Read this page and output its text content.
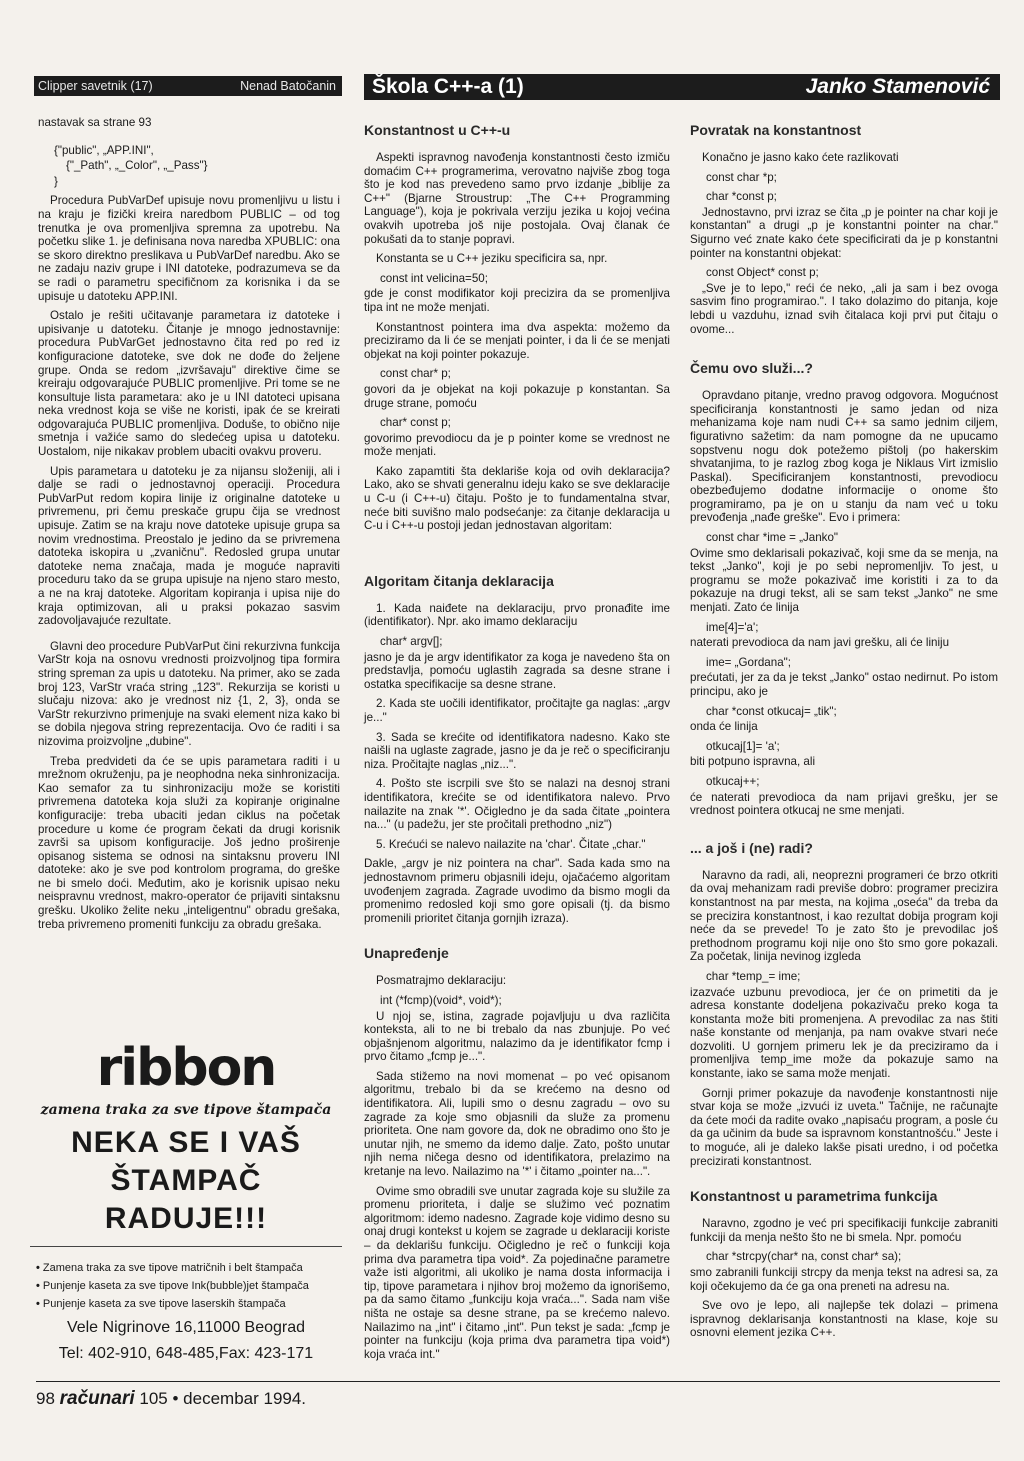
Clipper savetnik (17)	Nenad Batočanin Škola C++-a (1)	Janko Stamenović

nastavak sa strane 93

{"public", „APP.INI",

{"_Path", „_Color", „_Pass"}

}

Procedura PubVarDef upisuje novu promenljivu u listu i na kraju je fizički kreira naredbom PUBLIC – od tog trenutka je ova promenljiva spremna za upotrebu. Na početku slike 1. je definisana nova naredba XPUBLIC: ona se skoro direktno preslikava u PubVarDef naredbu. Ako se ne zadaju naziv grupe i INI datoteke, podrazumeva se da se radi o parametru specifičnom za korisnika i da se upisuje u datoteku APP.INI.

Ostalo je rešiti učitavanje parametara iz datoteke i upisivanje u datoteku. Čitanje je mnogo jednostavnije: procedura PubVarGet jednostavno čita red po red iz konfiguracione datoteke, sve dok ne dođe do željene grupe. Onda se redom „izvršavaju" direktive čime se kreiraju odgovarajuće PUBLIC promenljive. Pri tome se ne konsultuje lista parametara: ako je u INI datoteci upisana neka vrednost koja se više ne koristi, ipak će se kreirati odgovarajuća PUBLIC promenljiva. Doduše, to obično nije smetnja i važiće samo do sledećeg upisa u datoteku. Uostalom, nije nikakav problem ubaciti ovakvu proveru.

Upis parametara u datoteku je za nijansu složeniji, ali i dalje se radi o jednostavnoj operaciji. Procedura PubVarPut redom kopira linije iz originalne datoteke u privremenu, pri čemu preskače grupu čija se vrednost upisuje. Zatim se na kraju nove datoteke upisuje grupa sa novim vrednostima. Preostalo je jedino da se privremena datoteka iskopira u „zvaničnu". Redosled grupa unutar datoteke nema značaja, mada je moguće napraviti proceduru tako da se grupa upisuje na njeno staro mesto, a ne na kraj datoteke. Algoritam kopiranja i upisa nije do kraja optimizovan, ali u praksi pokazao sasvim zadovoljavajuće rezultate.

Glavni deo procedure PubVarPut čini rekurzivna funkcija VarStr koja na osnovu vrednosti proizvoljnog tipa formira string spreman za upis u datoteku. Na primer, ako se zada broj 123, VarStr vraća string „123". Rekurzija se koristi u slučaju nizova: ako je vrednost niz {1, 2, 3}, onda se VarStr rekurzivno primenjuje na svaki element niza kako bi se dobila njegova string reprezentacija. Ovo će raditi i sa nizovima proizvoljne „dubine".

Treba predvideti da će se upis parametara raditi i u mrežnom okruženju, pa je neophodna neka sinhronizacija. Kao semafor za tu sinhronizaciju može se koristiti privremena datoteka koja služi za kopiranje originalne konfiguracije: treba ubaciti jedan ciklus na početak procedure u kome će program čekati da drugi korisnik završi sa upisom konfiguracije. Još jedno proširenje opisanog sistema se odnosi na sintaksnu proveru INI datoteke: ako je sve pod kontrolom programa, do greške ne bi smelo doći. Međutim, ako je korisnik upisao neku neispravnu vrednost, makro-operator će prijaviti sintaksnu grešku. Ukoliko želite neku „inteligentnu" obradu grešaka, treba privremeno promeniti funkciju za obradu grešaka.

ribbon
zamena traka za sve tipove štampača
NEKA SE I VAŠ
ŠTAMPAČ
RADUJE!!!
• Zamena traka za sve tipove matričnih i belt štampača
• Punjenje kaseta za sve tipove Ink(bubble)jet štampača
• Punjenje kaseta za sve tipove laserskih štampača
Vele Nigrinove 16,11000 Beograd
Tel: 402-910, 648-485,Fax: 423-171
Konstantnost u C++-u

Aspekti ispravnog navođenja konstantnosti često izmiču domaćim C++ programerima, verovatno najviše zbog toga što je kod nas prevedeno samo prvo izdanje „biblije za C++" (Bjarne Stroustrup: „The C++ Programming Language"), koja je pokrivala verziju jezika u kojoj većina ovakvih upotreba još nije postojala. Ovaj članak će pokušati da to stanje popravi.

Konstanta se u C++ jeziku specificira sa, npr.

const int velicina=50;

gde je const modifikator koji precizira da se promenljiva tipa int ne može menjati.

Konstantnost pointera ima dva aspekta: možemo da preciziramo da li će se menjati pointer, i da li će se menjati objekat na koji pointer pokazuje.

const char* p;

govori da je objekat na koji pokazuje p konstantan. Sa druge strane, pomoću

char* const p;

govorimo prevodiocu da je p pointer kome se vrednost ne može menjati.

Kako zapamtiti šta deklariše koja od ovih deklaracija? Lako, ako se shvati generalnu ideju kako se sve deklaracije u C-u (i C++-u) čitaju. Pošto je to fundamentalna stvar, neće biti suvišno malo podsećanje: za čitanje deklaracija u C-u i C++-u postoji jedan jednostavan algoritam:

Algoritam čitanja deklaracija

1. Kada naiđete na deklaraciju, prvo pronađite ime (identifikator). Npr. ako imamo deklaraciju

char* argv[];

jasno je da je argv identifikator za koga je navedeno šta on predstavlja, pomoću uglastih zagrada sa desne strane i ostatka specifikacije sa desne strane.

2. Kada ste uočili identifikator, pročitajte ga naglas: „argv je..."

3. Sada se krećite od identifikatora nadesno. Kako ste naišli na uglaste zagrade, jasno je da je reč o specificiranju niza. Pročitajte naglas „niz...".

4. Pošto ste iscrpili sve što se nalazi na desnoj strani identifikatora, krećite se od identifikatora nalevo. Prvo nailazite na znak '*'. Očigledno je da sada čitate „pointera na..." (u padežu, jer ste pročitali prethodno „niz")

5. Krećući se nalevo nailazite na 'char'. Čitate „char."

Dakle, „argv je niz pointera na char". Sada kada smo na jednostavnom primeru objasnili ideju, ojačaćemo algoritam uvođenjem zagrada. Zagrade uvodimo da bismo mogli da promenimo redosled koji smo gore opisali (tj. da bismo promenili prioritet čitanja gornjih izraza).

Unapređenje

Posmatrajmo deklaraciju:

int (*fcmp)(void*, void*);

U njoj se, istina, zagrade pojavljuju u dva različita konteksta, ali to ne bi trebalo da nas zbunjuje. Po već objašnjenom algoritmu, nalazimo da je identifikator fcmp i prvo čitamo „fcmp je...".

Sada stižemo na novi momenat – po već opisanom algoritmu, trebalo bi da se krećemo na desno od identifikatora. Ali, lupili smo o desnu zagradu – ovo su zagrade za koje smo objasnili da služe za promenu prioriteta. One nam govore da, dok ne obradimo ono što je unutar njih, ne smemo da idemo dalje. Zato, pošto unutar njih nema ničega desno od identifikatora, prelazimo na kretanje na levo. Nailazimo na '*' i čitamo „pointer na...".

Ovime smo obradili sve unutar zagrada koje su služile za promenu prioriteta, i dalje se služimo već poznatim algoritmom: idemo nadesno. Zagrade koje vidimo desno su onaj drugi kontekst u kojem se zagrade u deklaraciji koriste – da deklarišu funkciju. Očigledno je reč o funkciji koja prima dva parametra tipa void*. Za pojedinačne parametre važe isti algoritmi, ali ukoliko je nama dosta informacija i tip, tipove parametara i njihov broj možemo da ignorišemo, pa da samo čitamo „funkciju koja vraća...". Sada nam više ništa ne ostaje sa desne strane, pa se krećemo nalevo. Nailazimo na „int" i čitamo „int". Pun tekst je sada: „fcmp je pointer na funkciju (koja prima dva parametra tipa void*) koja vraća int."

Povratak na konstantnost

Konačno je jasno kako ćete razlikovati

const char *p;

char *const p;

Jednostavno, prvi izraz se čita „p je pointer na char koji je konstantan" a drugi „p je konstantni pointer na char." Sigurno već znate kako ćete specificirati da je p konstantni pointer na konstantni objekat:

const Object* const p;

„Sve je to lepo," reći će neko, „ali ja sam i bez ovoga sasvim fino programirao.". I tako dolazimo do pitanja, koje lebdi u vazduhu, iznad svih čitalaca koji prvi put čitaju o ovome...

Čemu ovo služi...?

Opravdano pitanje, vredno pravog odgovora. Mogućnost specificiranja konstantnosti je samo jedan od niza mehanizama koje nam nudi C++ sa samo jednim ciljem, figurativno sažetim: da nam pomogne da ne upucamo sopstvenu nogu dok potežemo pištolj (po hakerskim shvatanjima, to je razlog zbog koga je Niklaus Virt izmislio Paskal). Specificiranjem konstantnosti, prevodiocu obezbeđujemo dodatne informacije o onome što programiramo, pa je on u stanju da nam već u toku prevođenja „nađe greške". Evo i primera:

const char *ime = „Janko"

Ovime smo deklarisali pokazivač, koji sme da se menja, na tekst „Janko", koji je po sebi nepromenljiv. To jest, u programu se može pokazivač ime koristiti i za to da pokazuje na drugi tekst, ali se sam tekst „Janko" ne sme menjati. Zato će linija

ime[4]='a';

naterati prevodioca da nam javi grešku, ali će liniju

ime= „Gordana";

prećutati, jer za da je tekst „Janko" ostao nedirnut. Po istom principu, ako je

char *const otkucaj= „tik";

onda će linija

otkucaj[1]= 'a';

biti potpuno ispravna, ali

otkucaj++;

će naterati prevodioca da nam prijavi grešku, jer se vrednost pointera otkucaj ne sme menjati.

... a još i (ne) radi?

Naravno da radi, ali, neoprezni programeri će brzo otkriti da ovaj mehanizam radi previše dobro: programer precizira konstantnost na par mesta, na kojima „oseća" da treba da se precizira konstantnost, i kao rezultat dobija program koji neće da se prevede! To je zato što je prevodilac još prethodnom programu koji nije ono što smo gore pokazali. Za početak, linija nevinog izgleda

char *temp_= ime;

izazvaće uzbunu prevodioca, jer će on primetiti da je adresa konstante dodeljena pokazivaču preko koga ta konstanta može biti promenjena. A prevodilac za nas štiti naše konstante od menjanja, pa nam ovakve stvari neće dozvoliti. U gornjem primeru lek je da preciziramo da i promenljiva temp_ime može da pokazuje samo na konstante, iako se sama može menjati.

Gornji primer pokazuje da navođenje konstantnosti nije stvar koja se može „izvući iz uveta." Tačnije, ne računajte da ćete moći da radite ovako „napisaću program, a posle ću da ga učinim da bude sa ispravnom konstantnošću." Jeste i to moguće, ali je daleko lakše pisati uredno, i od početka precizirati konstantnost.

Konstantnost u parametrima funkcija

Naravno, zgodno je već pri specifikaciji funkcije zabraniti funkciji da menja nešto što ne bi smela. Npr. pomoću

char *strcpy(char* na, const char* sa);

smo zabranili funkciji strcpy da menja tekst na adresi sa, za koji očekujemo da će ga ona preneti na adresu na.

Sve ovo je lepo, ali najlepše tek dolazi – primena ispravnog deklarisanja konstantnosti na klase, koje su osnovni element jezika C++.

98 računari 105 • decembar 1994.
